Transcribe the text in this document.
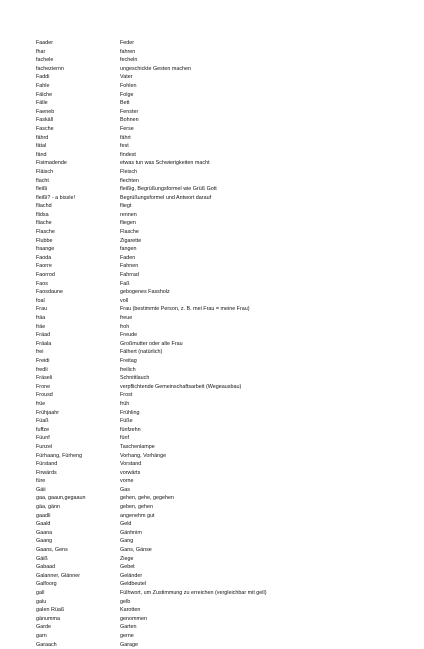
Faader	Feder
fhar	fahren
fachele	fecheln
facheziernn	ungeschickte Gesten machen
Faddi	Vater
Fahle	Fohlen
Fälche	Folge
Fälle	Bett
Faeneb	Fenster
Faskäll	Bohnen
Fasche	Ferse
fährd	fährt
fätal	fest
fänd	findest
Fisimadende	etwas tun was Schwierigkeiten macht
Fläisch	Fleisch
flacht	flechten
fleißi	fleißig, Begrüßungsformel wie Grüß Gott
fleißi? - a bissle!	Begrüßungsformel und Antwort darauf
fliachd	fliegt
flidsa	rennen
fliache	fliegen
Flasche	Flasche
Flubbe	Zigarette
fraange	fangen
Faoda	Faden
Faorre	Fahnen
Faorrod	Fahrrad
Faos	Faß
Faosdaune	gebogenes Fassholz
foal	voll
Frau	Frau (bestimmte Person, z. B. mei Frau = meine Frau)
fräa	freue
fräe	froh
Fräad	Freude
Fräala	Großmutter oder alte Frau
frei	Fälhert (natürlich)
Freidi	Freitag
fredli	freilich
Fräseli	Schnittlauch
Frone	verpflichtende Gemeinschaftsarbeit (Wegeausbau)
Frousd	Frost
früe	früh
Frühjaahr	Frühling
Füaß	Füße
fuffze	fünfzehn
Füunf	fünf
Funzel	Taschenlampe
Fürhaang, Fürheng	Vorhang, Vorhänge
Fürstand	Vorstand
Firwärds	vorwärts
füre	vorne
Gäii	Gas
gaa, gaaun,gegaaun	gehen, gehe, gegehen
gäa, gänn	geben, gehen
gaadli	angenehm gut
Gaald	Geld
Gaana	Gänhnim
Gaang	Gang
Gaans, Gens	Gans, Gänse
Gäiß	Ziege
Gabaad	Gebet
Galanner, Glänner	Geländer
Galfoorg	Geldbeutel
gall	Fülhwort, um Zustimmung zu erreichen (vergleichbar mit gell)
galu	gelb
gaIen Rüaß	Karotten
gänumma	genommen
Garde	Garten
garn	gerne
Garaach	Garage
